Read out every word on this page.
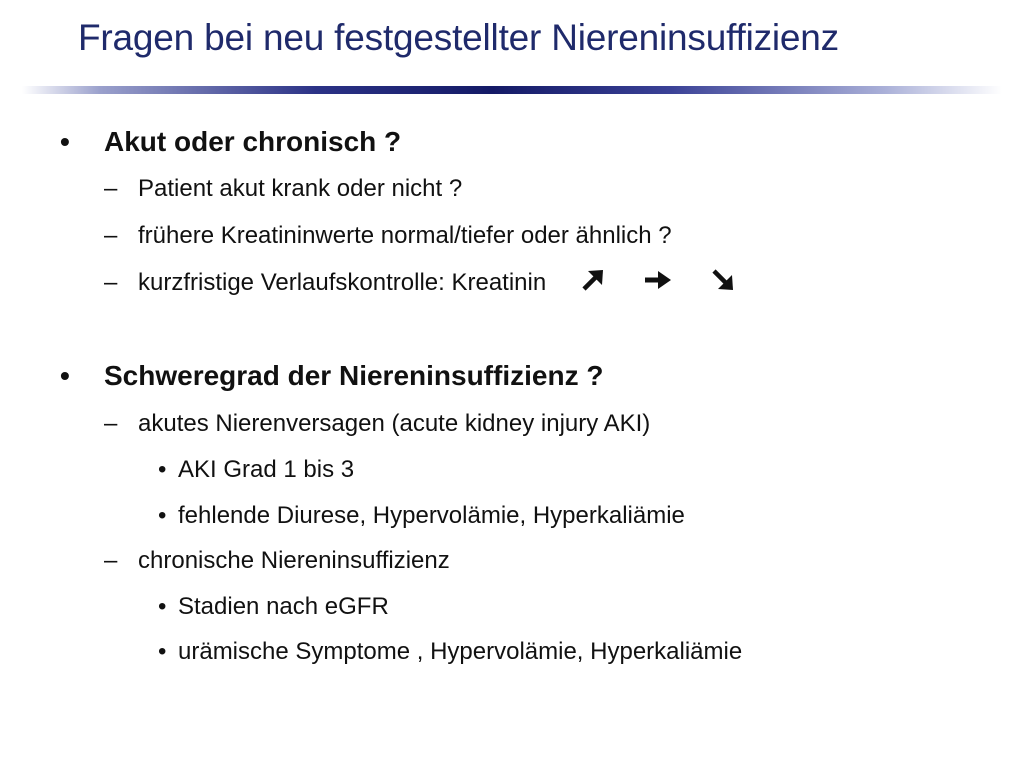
Fragen bei neu festgestellter Niereninsuffizienz
• Akut oder chronisch ?
– Patient akut krank oder nicht ?
– frühere Kreatininwerte normal/tiefer oder ähnlich ?
– kurzfristige Verlaufskontrolle: Kreatinin
• Schweregrad der Niereninsuffizienz ?
– akutes Nierenversagen (acute kidney injury AKI)
• AKI Grad 1 bis 3
• fehlende Diurese, Hypervolämie, Hyperkaliämie
– chronische Niereninsuffizienz
• Stadien nach eGFR
• urämische Symptome , Hypervolämie, Hyperkaliämie
